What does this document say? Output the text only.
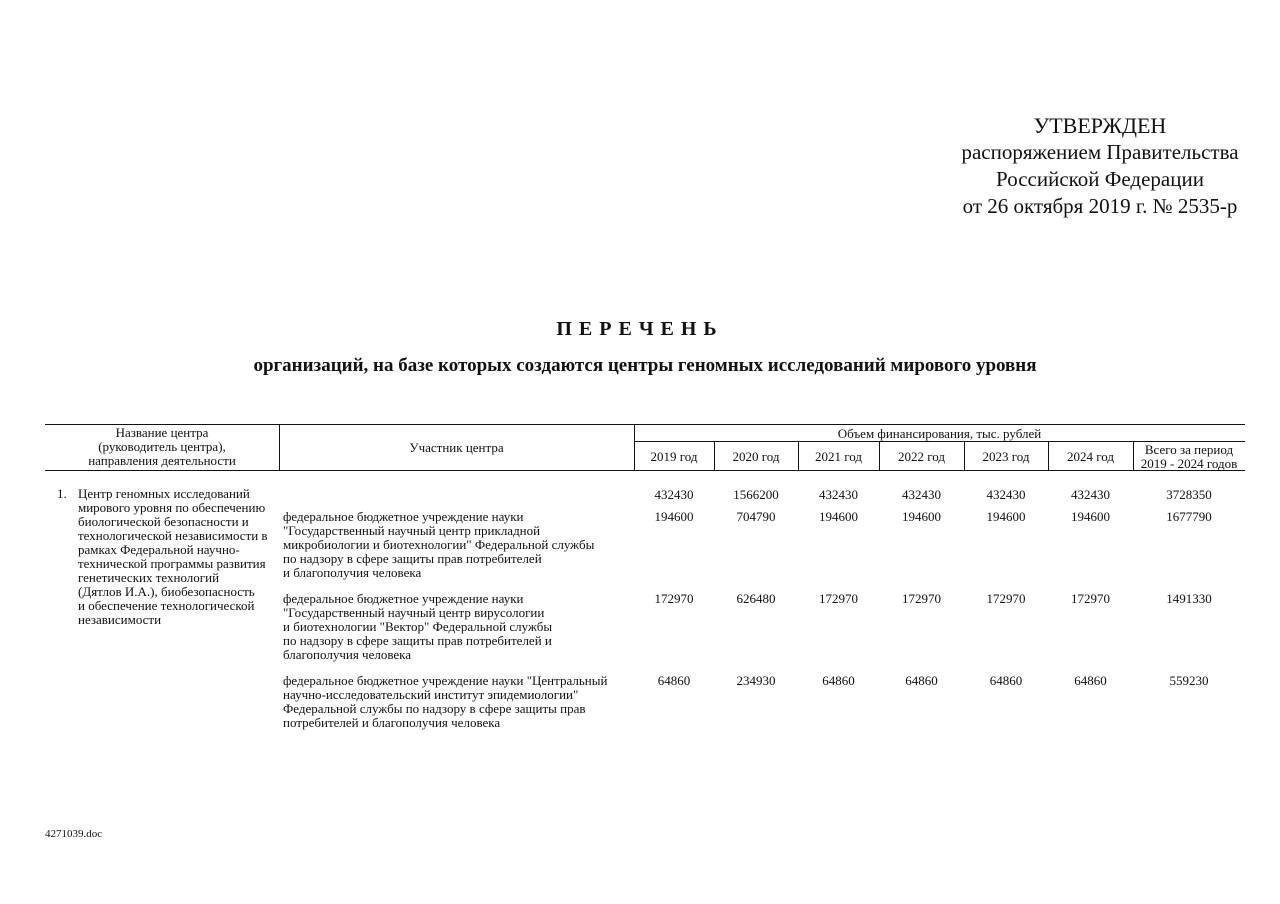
УТВЕРЖДЕН
распоряжением Правительства
Российской Федерации
от 26 октября 2019 г. № 2535-р
ПЕРЕЧЕНЬ
организаций, на базе которых создаются центры геномных исследований мирового уровня
Название центра
(руководитель центра),
направления деятельности
Участник центра
Объем финансирования, тыс. рублей
2019 год	2020 год	2021 год	2022 год	2023 год	2024 год	Всего за период
2019 - 2024 годов
1. Центр геномных исследований
мирового уровня по обеспечению
биологической безопасности и
технологической независимости в
рамках Федеральной научно-
технической программы развития
генетических технологий
(Дятлов И.А.), биобезопасность
и обеспечение технологической
независимости
432430	1566200	432430	432430	432430	432430	3728350
федеральное бюджетное учреждение науки
"Государственный научный центр прикладной
микробиологии и биотехнологии" Федеральной службы
по надзору в сфере защиты прав потребителей
и благополучия человека
194600	704790	194600	194600	194600	194600	1677790
федеральное бюджетное учреждение науки
"Государственный научный центр вирусологии
и биотехнологии "Вектор" Федеральной службы
по надзору в сфере защиты прав потребителей и
благополучия человека
172970	626480	172970	172970	172970	172970	1491330
федеральное бюджетное учреждение науки "Центральный
научно-исследовательский институт эпидемиологии"
Федеральной службы по надзору в сфере защиты прав
потребителей и благополучия человека
64860	234930	64860	64860	64860	64860	559230
4271039.doc
